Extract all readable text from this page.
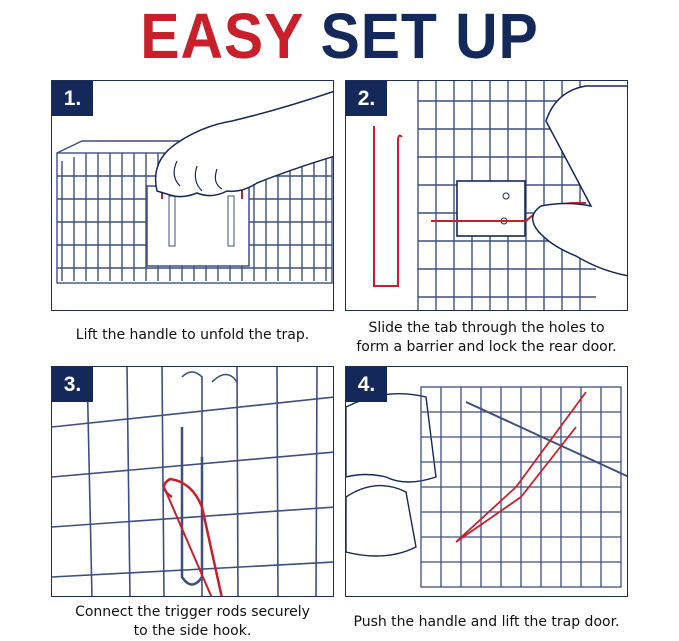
EASY SET UP
1.	2.
Lift the handle to unfold the trap.	Slide the tab through the holes to
form a barrier and lock the rear door.
3.	4.
Connect the trigger rods securely
to the side hook.
Push the handle and lift the trap door.
